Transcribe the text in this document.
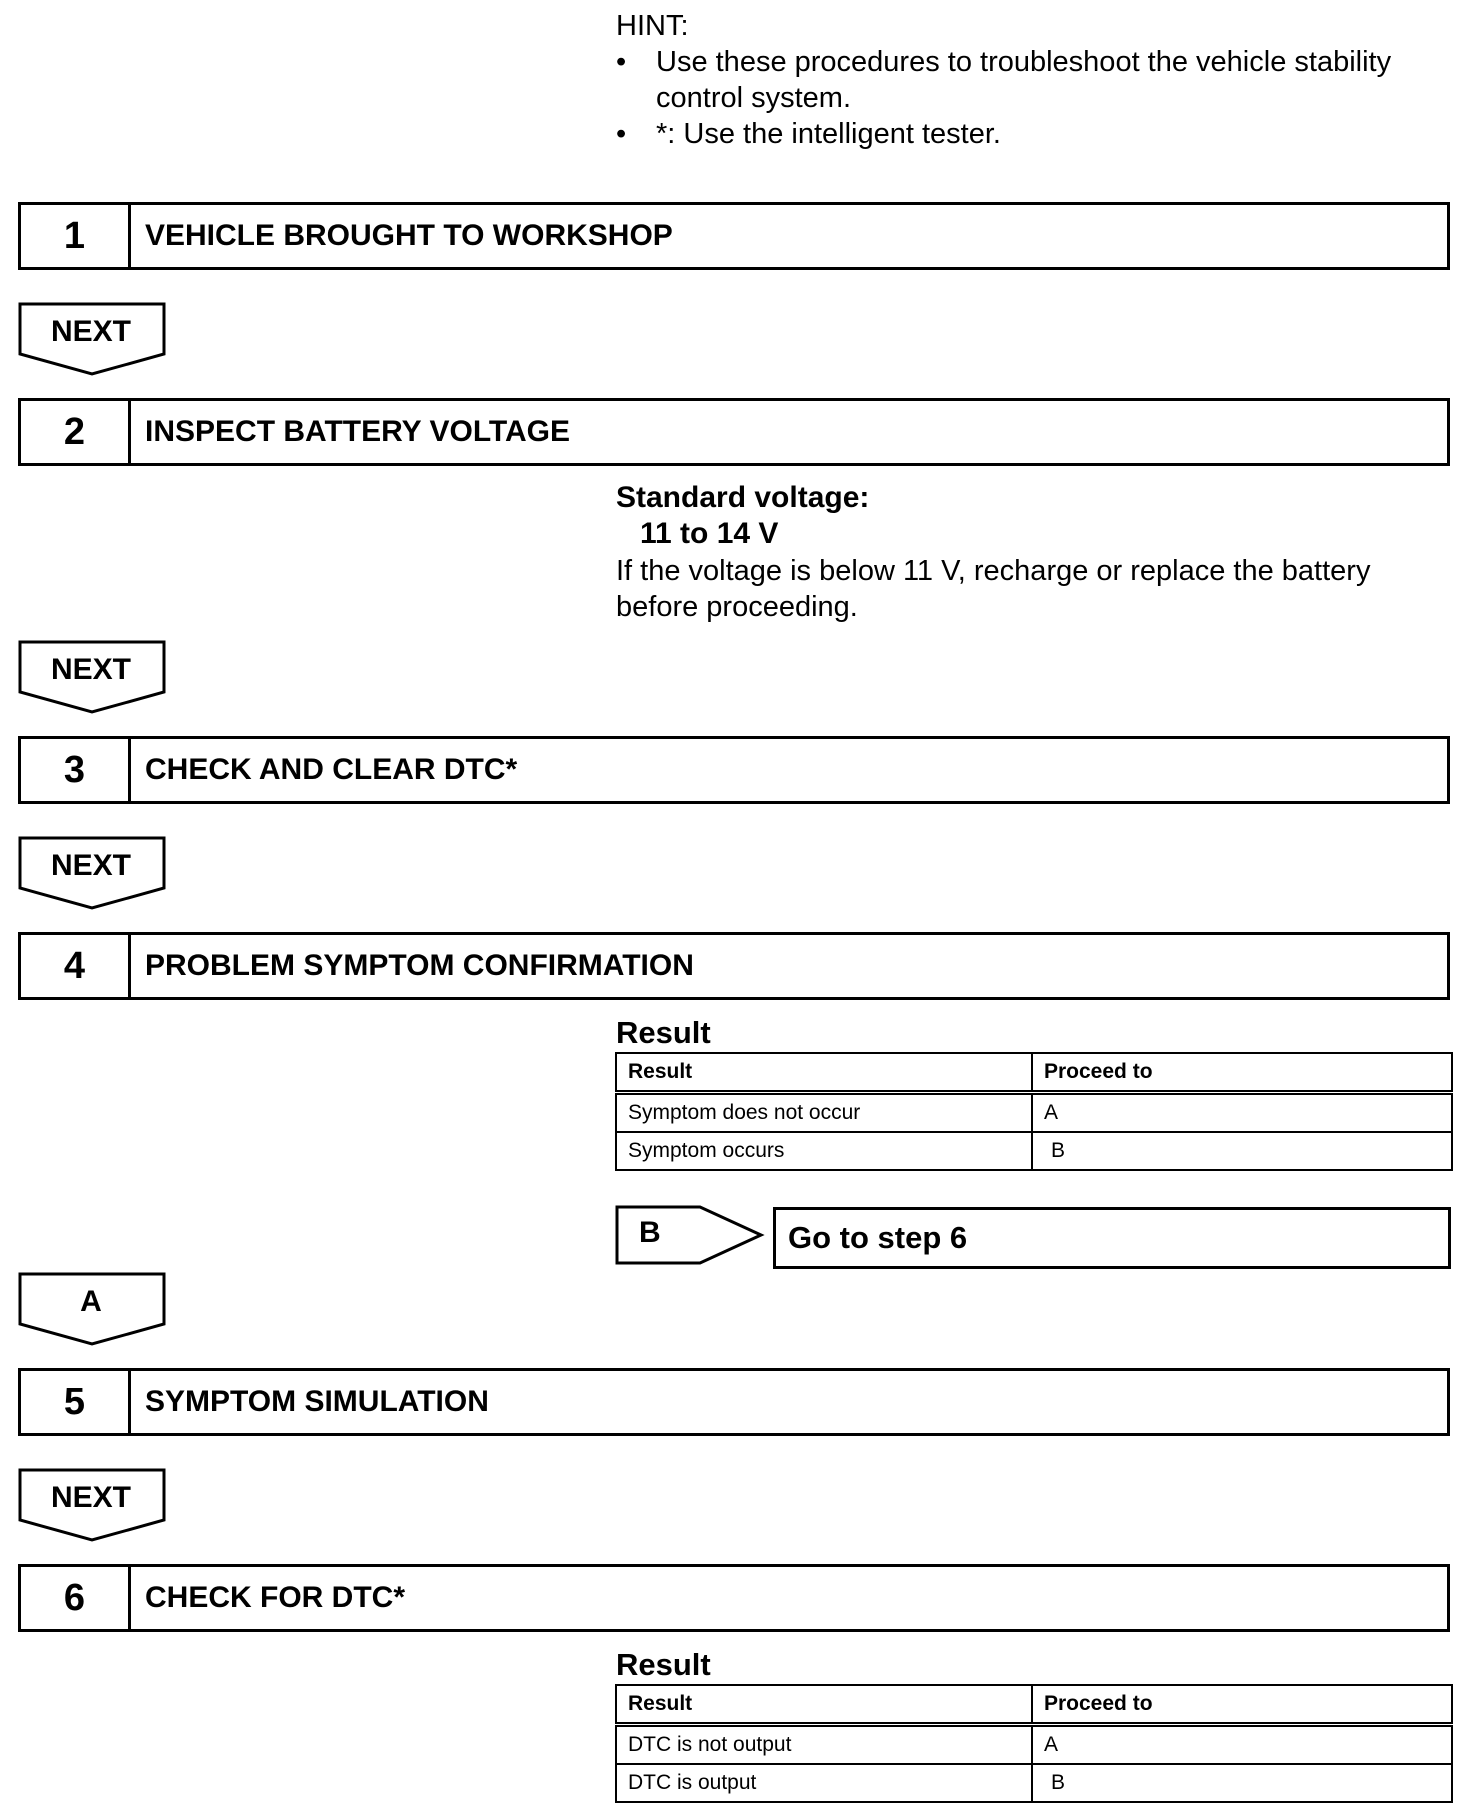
HINT:
•	Use these procedures to troubleshoot the vehicle stability control system.
•	*: Use the intelligent tester.
1	VEHICLE BROUGHT TO WORKSHOP
NEXT
2	INSPECT BATTERY VOLTAGE
Standard voltage:
11 to 14 V
If the voltage is below 11 V, recharge or replace the battery before proceeding.
NEXT
3	CHECK AND CLEAR DTC*
NEXT
4	PROBLEM SYMPTOM CONFIRMATION
Result
Result	Proceed to
Symptom does not occur	A
Symptom occurs	B
B	Go to step 6
A
5	SYMPTOM SIMULATION
NEXT
6	CHECK FOR DTC*
Result
Result	Proceed to
DTC is not output	A
DTC is output	B
